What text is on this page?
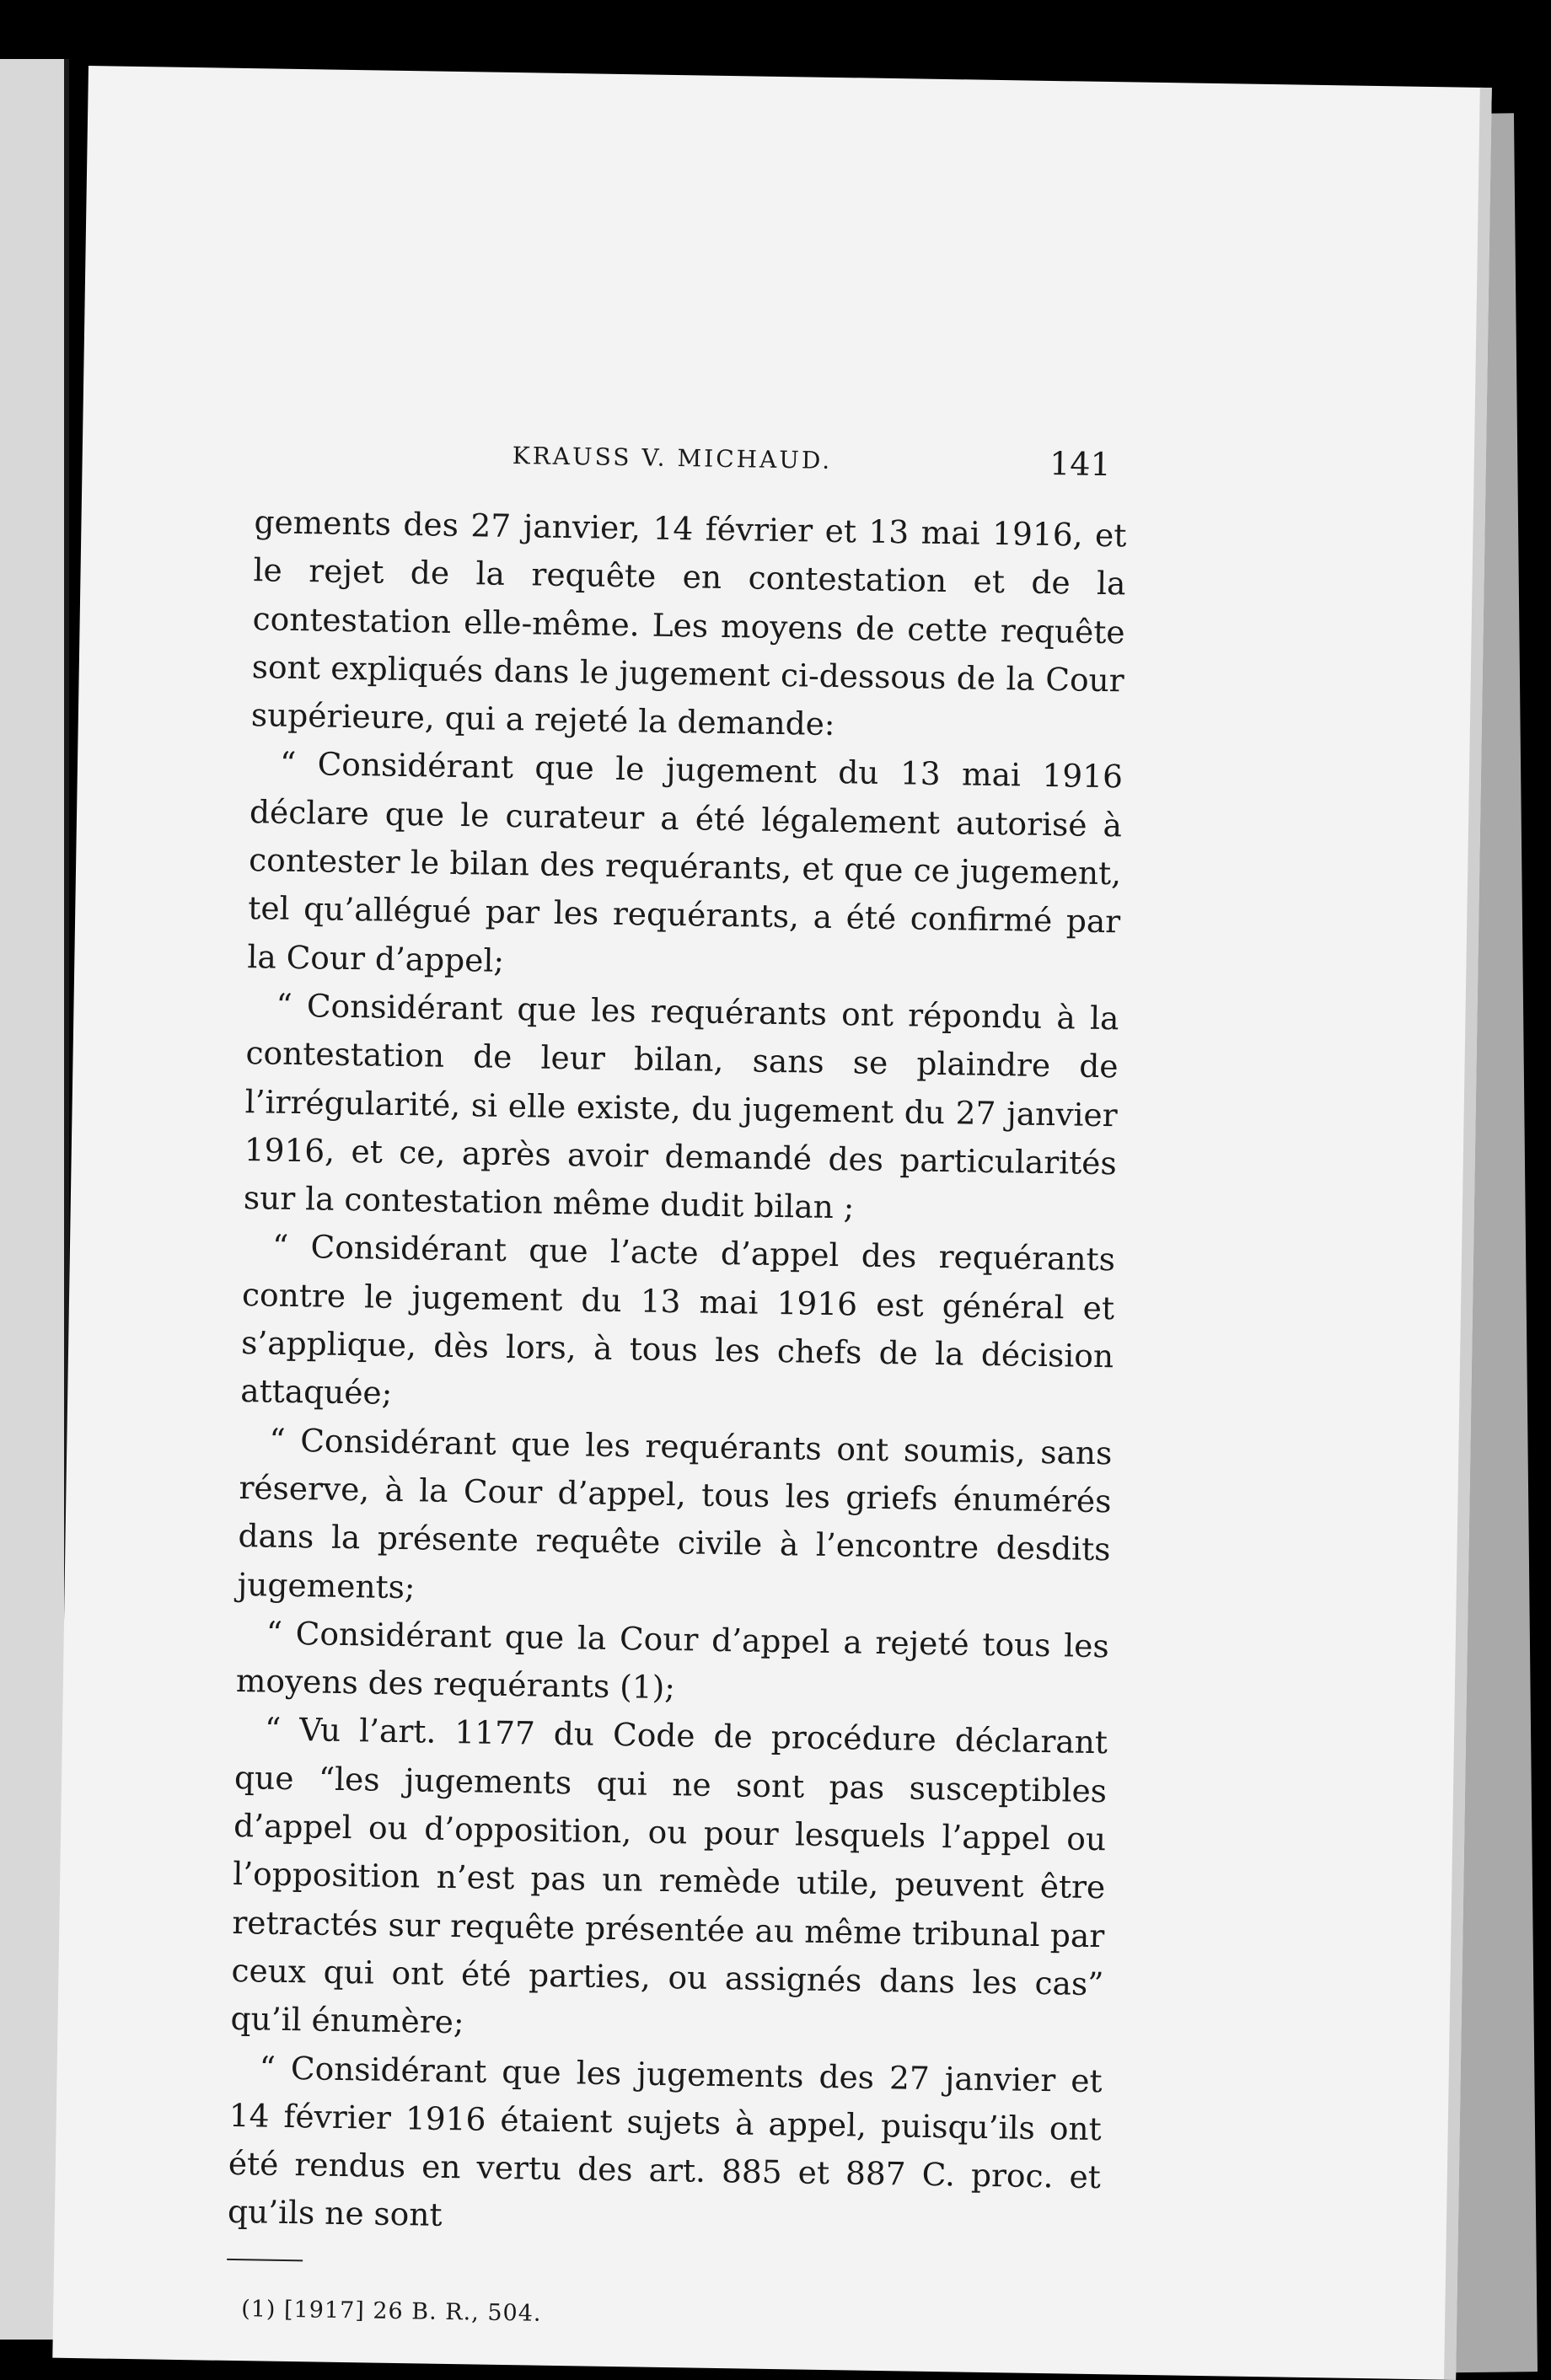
KRAUSS V. MICHAUD.	141

gements des 27 janvier, 14 février et 13 mai 1916, et le rejet de la requête en contestation et de la contestation elle-même. Les moyens de cette requête sont expliqués dans le jugement ci-dessous de la Cour supérieure, qui a rejeté la demande:

“ Considérant que le jugement du 13 mai 1916 déclare que le curateur a été légalement autorisé à contester le bilan des requérants, et que ce jugement, tel qu’allégué par les requérants, a été confirmé par la Cour d’appel;

“ Considérant que les requérants ont répondu à la contestation de leur bilan, sans se plaindre de l’irrégularité, si elle existe, du jugement du 27 janvier 1916, et ce, après avoir demandé des particularités sur la contestation même dudit bilan ;

“ Considérant que l’acte d’appel des requérants contre le jugement du 13 mai 1916 est général et s’applique, dès lors, à tous les chefs de la décision attaquée;

“ Considérant que les requérants ont soumis, sans réserve, à la Cour d’appel, tous les griefs énumérés dans la présente requête civile à l’encontre desdits jugements;

“ Considérant que la Cour d’appel a rejeté tous les moyens des requérants (1);

“ Vu l’art. 1177 du Code de procédure déclarant que “les jugements qui ne sont pas susceptibles d’appel ou d’opposition, ou pour lesquels l’appel ou l’opposition n’est pas un remède utile, peuvent être retractés sur requête présentée au même tribunal par ceux qui ont été parties, ou assignés dans les cas” qu’il énumère;

“ Considérant que les jugements des 27 janvier et 14 février 1916 étaient sujets à appel, puisqu’ils ont été rendus en vertu des art. 885 et 887 C. proc. et qu’ils ne sont

(1) [1917] 26 B. R., 504.
